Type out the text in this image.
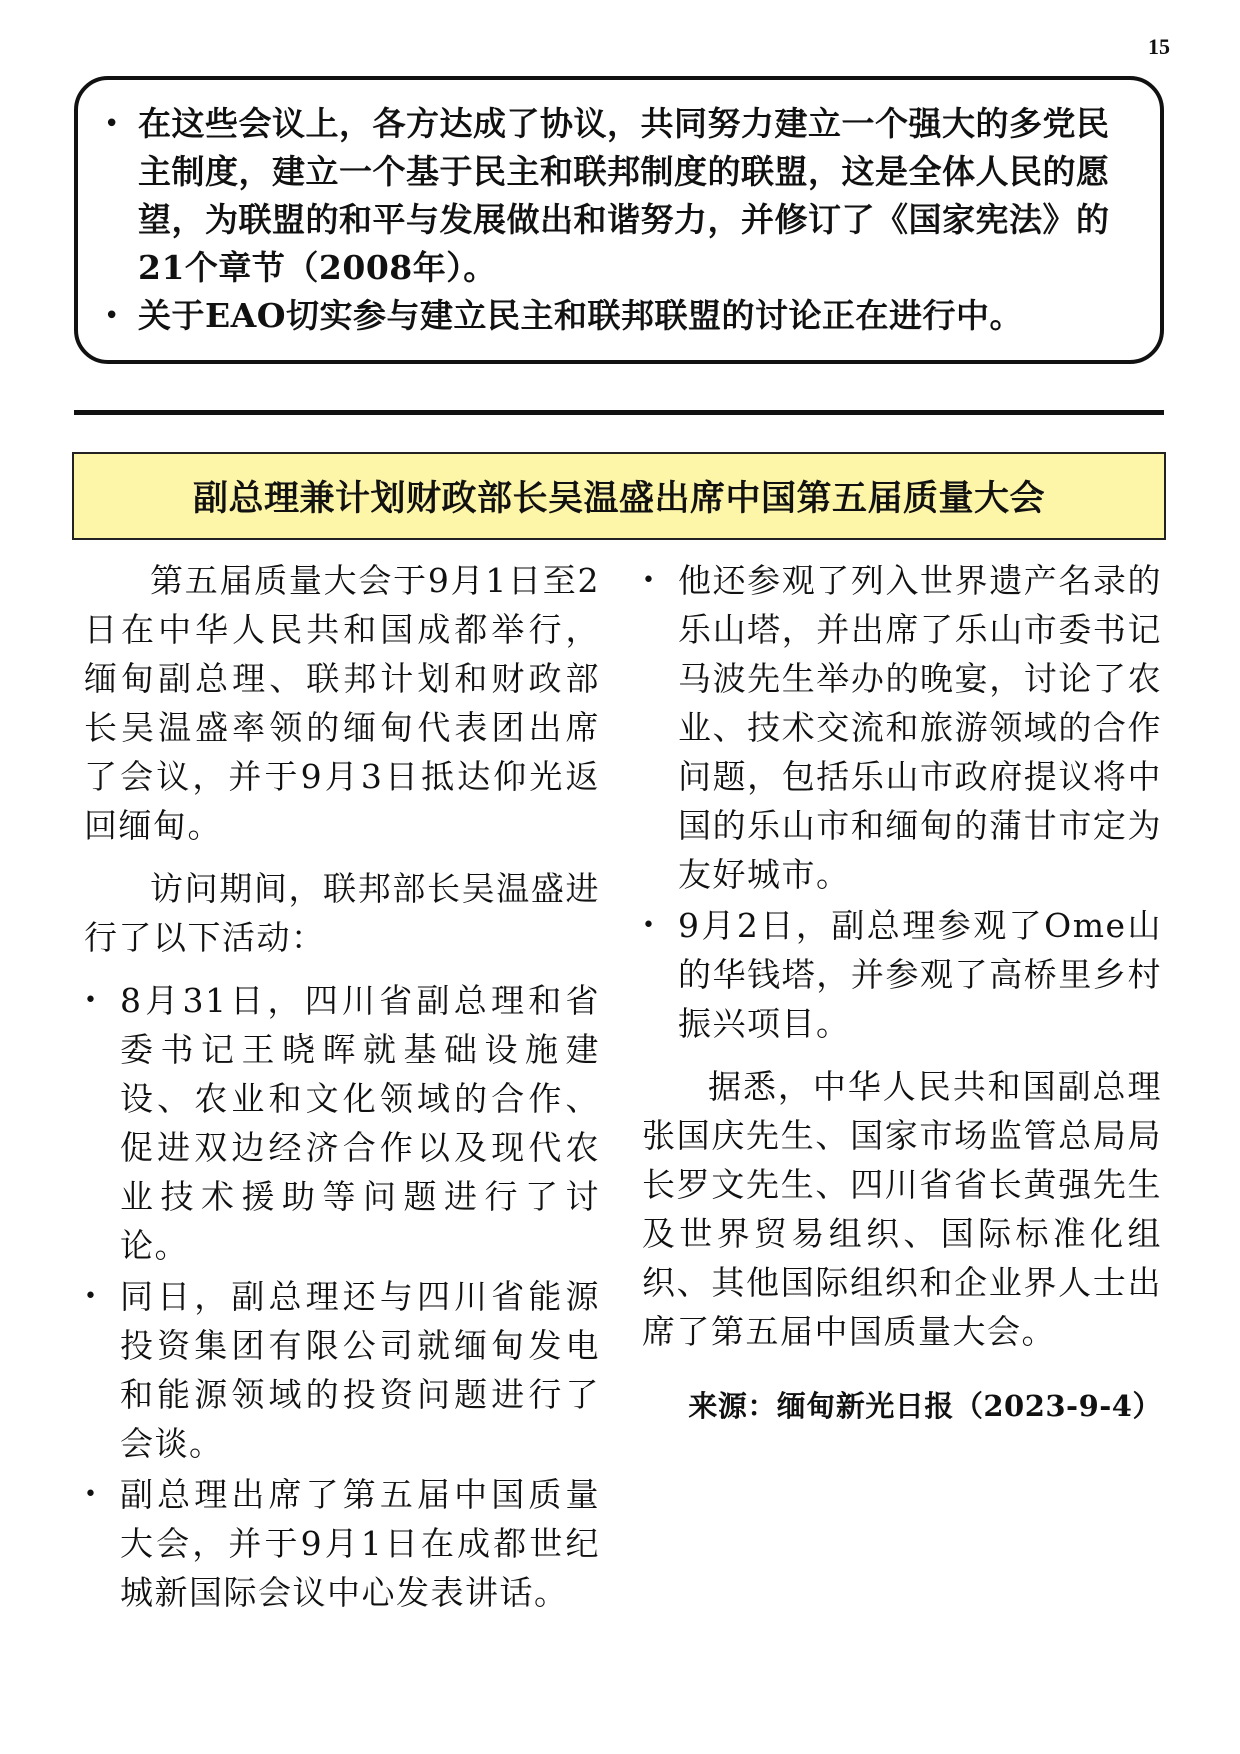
15
• 在这些会议上，各方达成了协议，共同努力建立一个强大的多党民主制度，建立一个基于民主和联邦制度的联盟，这是全体人民的愿望，为联盟的和平与发展做出和谐努力，并修订了《国家宪法》的21个章节（2008年）。
• 关于EAO切实参与建立民主和联邦联盟的讨论正在进行中。
副总理兼计划财政部长吴温盛出席中国第五届质量大会

第五届质量大会于9月1日至2日在中华人民共和国成都举行，缅甸副总理、联邦计划和财政部长吴温盛率领的缅甸代表团出席了会议，并于9月3日抵达仰光返回缅甸。

访问期间，联邦部长吴温盛进行了以下活动：

• 8月31日，四川省副总理和省委书记王晓晖就基础设施建设、农业和文化领域的合作、促进双边经济合作以及现代农业技术援助等问题进行了讨论。
• 同日，副总理还与四川省能源投资集团有限公司就缅甸发电和能源领域的投资问题进行了会谈。
• 副总理出席了第五届中国质量大会，并于9月1日在成都世纪城新国际会议中心发表讲话。
• 他还参观了列入世界遗产名录的乐山塔，并出席了乐山市委书记马波先生举办的晚宴，讨论了农业、技术交流和旅游领域的合作问题，包括乐山市政府提议将中国的乐山市和缅甸的蒲甘市定为友好城市。
• 9月2日，副总理参观了Ome山的华钱塔，并参观了高桥里乡村振兴项目。

据悉，中华人民共和国副总理张国庆先生、国家市场监管总局局长罗文先生、四川省省长黄强先生及世界贸易组织、国际标准化组织、其他国际组织和企业界人士出席了第五届中国质量大会。

来源：缅甸新光日报（2023-9-4）
